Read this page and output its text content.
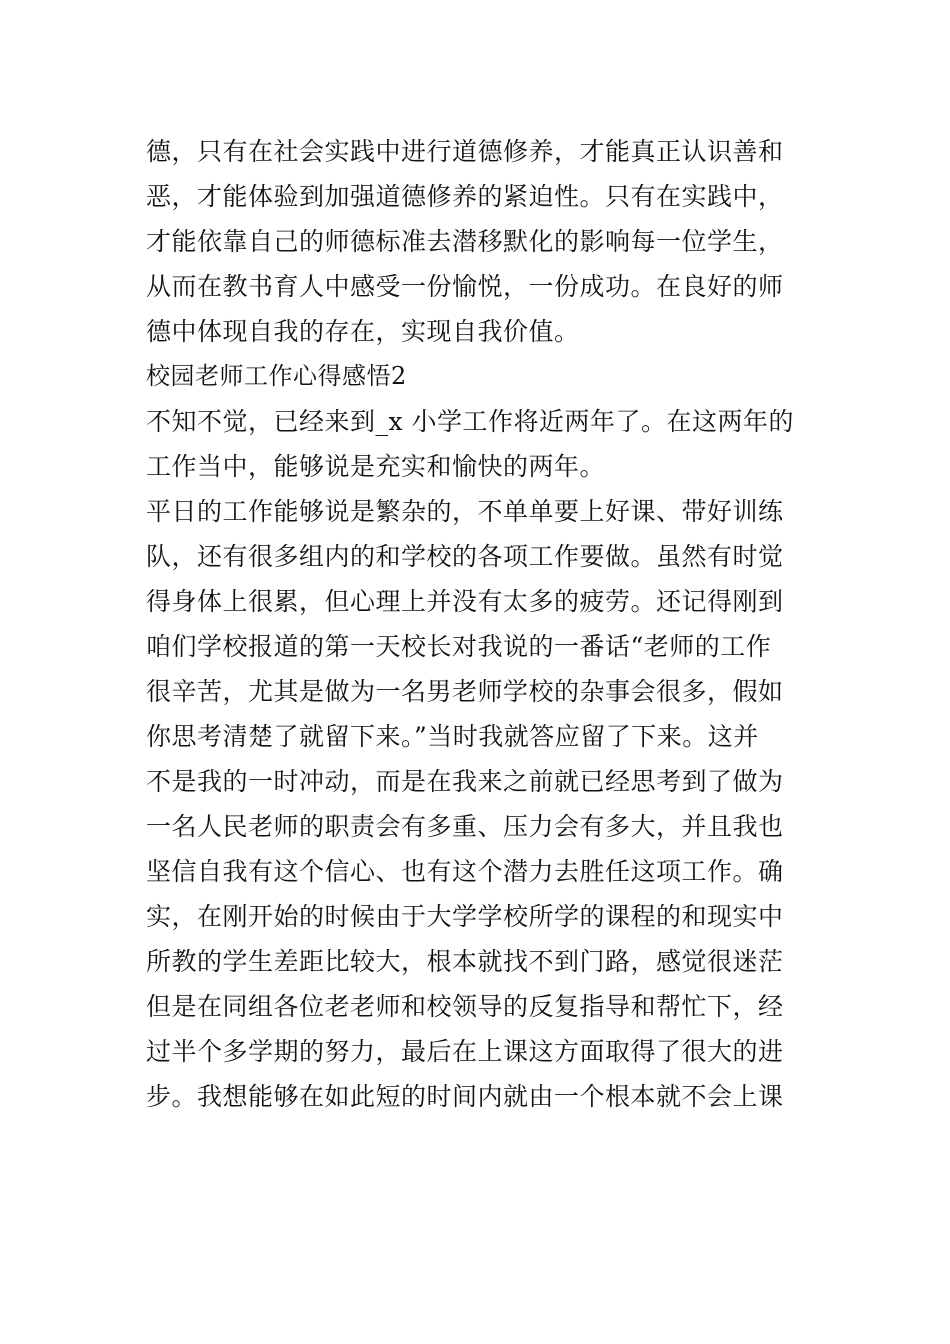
德，只有在社会实践中进行道德修养，才能真正认识善和
恶，才能体验到加强道德修养的紧迫性。只有在实践中，
才能依靠自己的师德标准去潜移默化的影响每一位学生，
从而在教书育人中感受一份愉悦，一份成功。在良好的师
德中体现自我的存在，实现自我价值。
校园老师工作心得感悟2
不知不觉，已经来到_x 小学工作将近两年了。在这两年的
工作当中，能够说是充实和愉快的两年。
平日的工作能够说是繁杂的，不单单要上好课、带好训练
队，还有很多组内的和学校的各项工作要做。虽然有时觉
得身体上很累，但心理上并没有太多的疲劳。还记得刚到
咱们学校报道的第一天校长对我说的一番话“老师的工作
很辛苦，尤其是做为一名男老师学校的杂事会很多，假如
你思考清楚了就留下来。”当时我就答应留了下来。这并
不是我的一时冲动，而是在我来之前就已经思考到了做为
一名人民老师的职责会有多重、压力会有多大，并且我也
坚信自我有这个信心、也有这个潜力去胜任这项工作。确
实，在刚开始的时候由于大学学校所学的课程的和现实中
所教的学生差距比较大，根本就找不到门路，感觉很迷茫
但是在同组各位老老师和校领导的反复指导和帮忙下，经
过半个多学期的努力，最后在上课这方面取得了很大的进
步。我想能够在如此短的时间内就由一个根本就不会上课
